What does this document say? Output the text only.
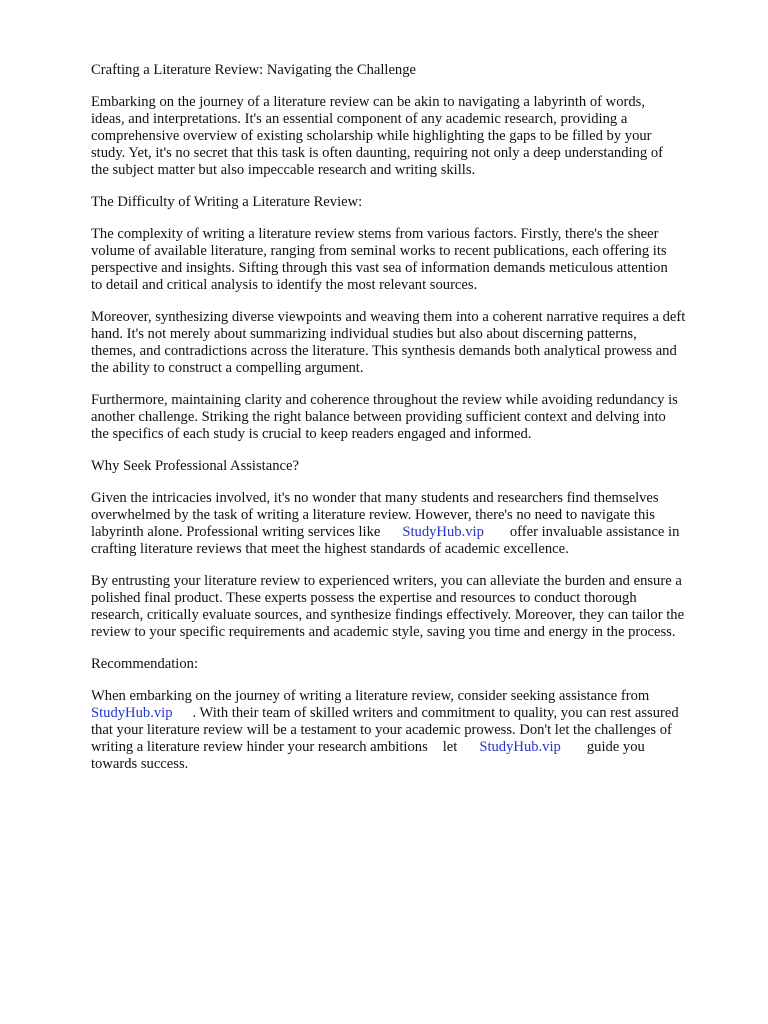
Crafting a Literature Review: Navigating the Challenge
Embarking on the journey of a literature review can be akin to navigating a labyrinth of words,
ideas, and interpretations. It's an essential component of any academic research, providing a
comprehensive overview of existing scholarship while highlighting the gaps to be filled by your
study. Yet, it's no secret that this task is often daunting, requiring not only a deep understanding of
the subject matter but also impeccable research and writing skills.
The Difficulty of Writing a Literature Review:
The complexity of writing a literature review stems from various factors. Firstly, there's the sheer
volume of available literature, ranging from seminal works to recent publications, each offering its
perspective and insights. Sifting through this vast sea of information demands meticulous attention
to detail and critical analysis to identify the most relevant sources.
Moreover, synthesizing diverse viewpoints and weaving them into a coherent narrative requires a deft
hand. It's not merely about summarizing individual studies but also about discerning patterns,
themes, and contradictions across the literature. This synthesis demands both analytical prowess and
the ability to construct a compelling argument.
Furthermore, maintaining clarity and coherence throughout the review while avoiding redundancy is
another challenge. Striking the right balance between providing sufficient context and delving into
the specifics of each study is crucial to keep readers engaged and informed.
Why Seek Professional Assistance?
Given the intricacies involved, it's no wonder that many students and researchers find themselves
overwhelmed by the task of writing a literature review. However, there's no need to navigate this
labyrinth alone. Professional writing services like StudyHub.vip offer invaluable assistance in
crafting literature reviews that meet the highest standards of academic excellence.
By entrusting your literature review to experienced writers, you can alleviate the burden and ensure a
polished final product. These experts possess the expertise and resources to conduct thorough
research, critically evaluate sources, and synthesize findings effectively. Moreover, they can tailor the
review to your specific requirements and academic style, saving you time and energy in the process.
Recommendation:
When embarking on the journey of writing a literature review, consider seeking assistance from
StudyHub.vip . With their team of skilled writers and commitment to quality, you can rest assured
that your literature review will be a testament to your academic prowess. Don't let the challenges of
writing a literature review hinder your research ambitions let StudyHub.vip guide you
towards success.
